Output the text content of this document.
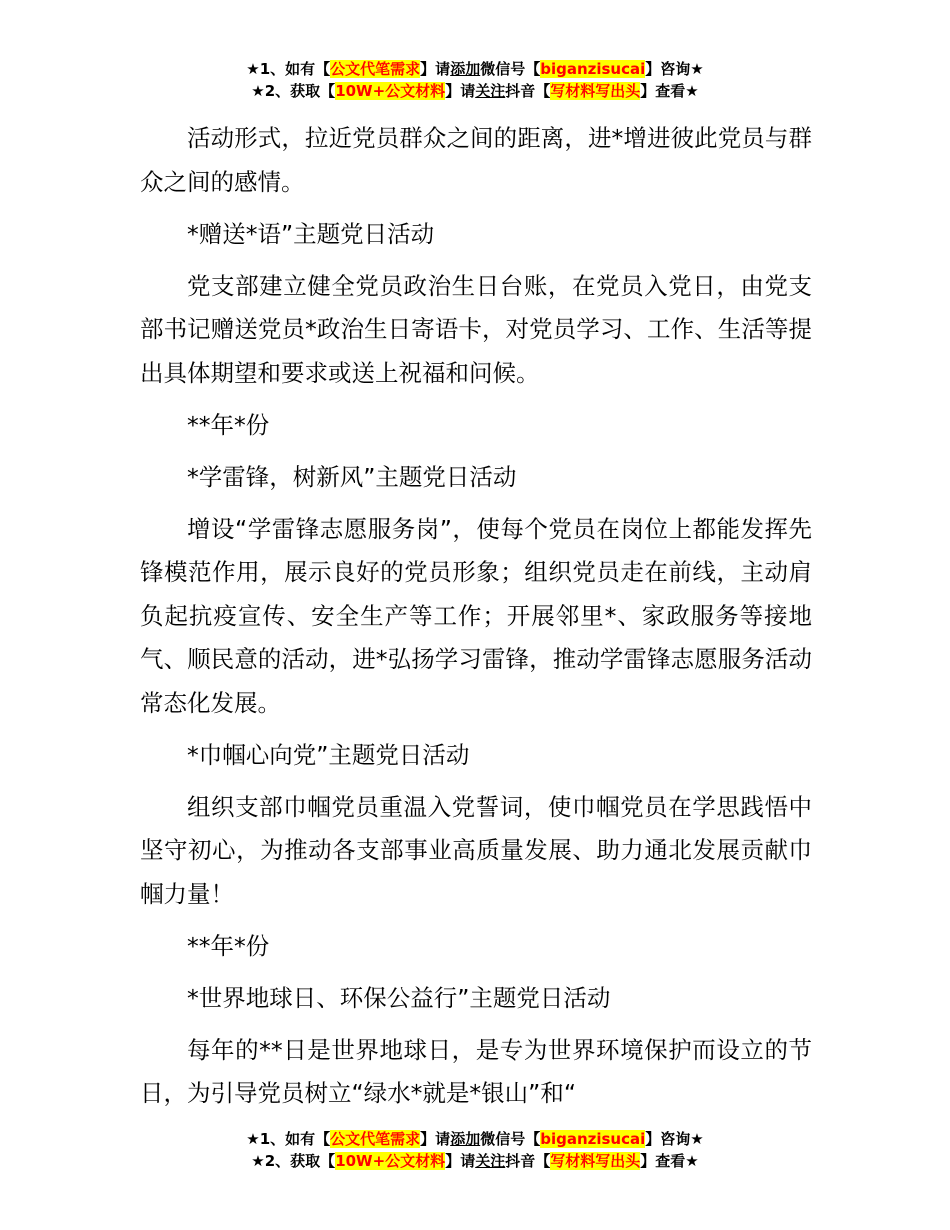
★1、如有【公文代笔需求】请添加微信号【biganzisucai】咨询★
★2、获取【10W+公文材料】请关注抖音【写材料写出头】查看★

活动形式，拉近党员群众之间的距离，进*增进彼此党员与群众之间的感情。

*赠送*语”主题党日活动

党支部建立健全党员政治生日台账，在党员入党日，由党支部书记赠送党员*政治生日寄语卡，对党员学习、工作、生活等提出具体期望和要求或送上祝福和问候。

**年*份

*学雷锋，树新风”主题党日活动

增设“学雷锋志愿服务岗”，使每个党员在岗位上都能发挥先锋模范作用，展示良好的党员形象；组织党员走在前线，主动肩负起抗疫宣传、安全生产等工作；开展邻里*、家政服务等接地气、顺民意的活动，进*弘扬学习雷锋，推动学雷锋志愿服务活动常态化发展。

*巾帼心向党”主题党日活动

组织支部巾帼党员重温入党誓词，使巾帼党员在学思践悟中坚守初心，为推动各支部事业高质量发展、助力通北发展贡献巾帼力量！

**年*份

*世界地球日、环保公益行”主题党日活动

每年的**日是世界地球日，是专为世界环境保护而设立的节日，为引导党员树立“绿水*就是*银山”和“

★1、如有【公文代笔需求】请添加微信号【biganzisucai】咨询★
★2、获取【10W+公文材料】请关注抖音【写材料写出头】查看★
